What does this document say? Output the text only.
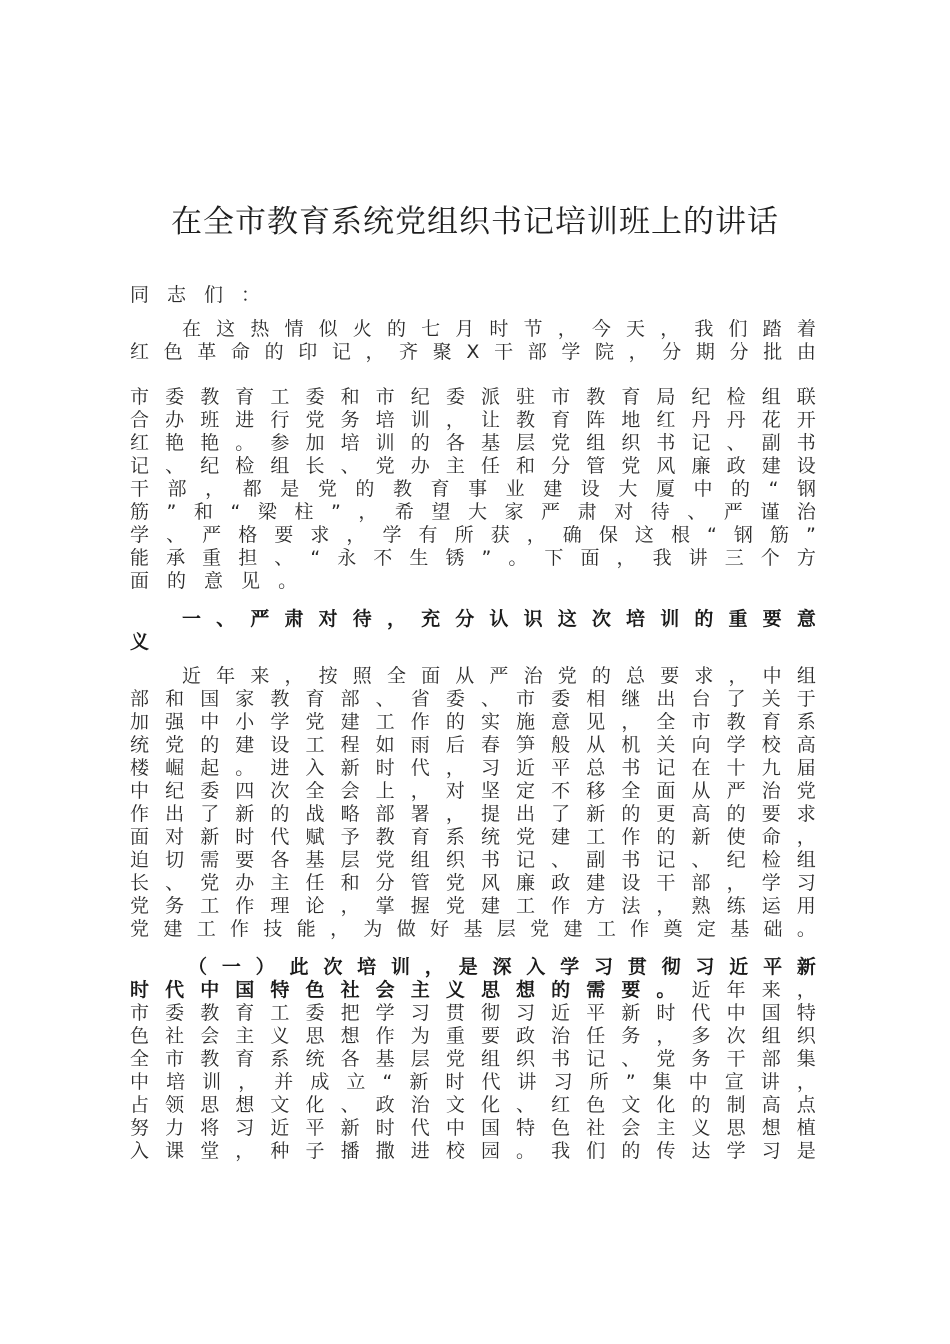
在全市教育系统党组织书记培训班上的讲话
同 志 们 ：
在 这 热 情 似 火 的 七 月 时 节 ， 今 天 ， 我 们 踏 着
红 色 革 命 的 印 记 ， 齐 聚 X 干 部 学 院 ， 分 期 分 批 由
市 委 教 育 工 委 和 市 纪 委 派 驻 市 教 育 局 纪 检 组 联
合 办 班 进 行 党 务 培 训 ， 让 教 育 阵 地 红 丹 丹 花 开
红 艳 艳 。 参 加 培 训 的 各 基 层 党 组 织 书 记 、 副 书
记 、 纪 检 组 长 、 党 办 主 任 和 分 管 党 风 廉 政 建 设
干 部 ， 都 是 党 的 教 育 事 业 建 设 大 厦 中 的 “ 钢
筋 ” 和 “ 梁 柱 ” ， 希 望 大 家 严 肃 对 待 、 严 谨 治
学 、 严 格 要 求 ， 学 有 所 获 ， 确 保 这 根 “ 钢 筋 ”
能 承 重 担 、 “ 永 不 生 锈 ” 。 下 面 ， 我 讲 三 个 方
面 的 意 见 。
一 、 严 肃 对 待 ， 充 分 认 识 这 次 培 训 的 重 要 意
义
近 年 来 ， 按 照 全 面 从 严 治 党 的 总 要 求 ， 中 组
部 和 国 家 教 育 部 、 省 委 、 市 委 相 继 出 台 了 关 于
加 强 中 小 学 党 建 工 作 的 实 施 意 见 ， 全 市 教 育 系
统 党 的 建 设 工 程 如 雨 后 春 笋 般 从 机 关 向 学 校 高
楼 崛 起 。 进 入 新 时 代 ， 习 近 平 总 书 记 在 十 九 届
中 纪 委 四 次 全 会 上 ， 对 坚 定 不 移 全 面 从 严 治 党
作 出 了 新 的 战 略 部 署 ， 提 出 了 新 的 更 高 的 要 求
面 对 新 时 代 赋 予 教 育 系 统 党 建 工 作 的 新 使 命 ，
迫 切 需 要 各 基 层 党 组 织 书 记 、 副 书 记 、 纪 检 组
长 、 党 办 主 任 和 分 管 党 风 廉 政 建 设 干 部 ， 学 习
党 务 工 作 理 论 ， 掌 握 党 建 工 作 方 法 ， 熟 练 运 用
党 建 工 作 技 能 ， 为 做 好 基 层 党 建 工 作 奠 定 基 础 。
（ 一 ） 此 次 培 训 ， 是 深 入 学 习 贯 彻 习 近 平 新
时 代 中 国 特 色 社 会 主 义 思 想 的 需 要 。 近 年 来 ，
市 委 教 育 工 委 把 学 习 贯 彻 习 近 平 新 时 代 中 国 特
色 社 会 主 义 思 想 作 为 重 要 政 治 任 务 ， 多 次 组 织
全 市 教 育 系 统 各 基 层 党 组 织 书 记 、 党 务 干 部 集
中 培 训 ， 并 成 立 “ 新 时 代 讲 习 所 ” 集 中 宣 讲 ，
占 领 思 想 文 化 、 政 治 文 化 、 红 色 文 化 的 制 高 点
努 力 将 习 近 平 新 时 代 中 国 特 色 社 会 主 义 思 想 植
入 课 堂 ， 种 子 播 撒 进 校 园 。 我 们 的 传 达 学 习 是
